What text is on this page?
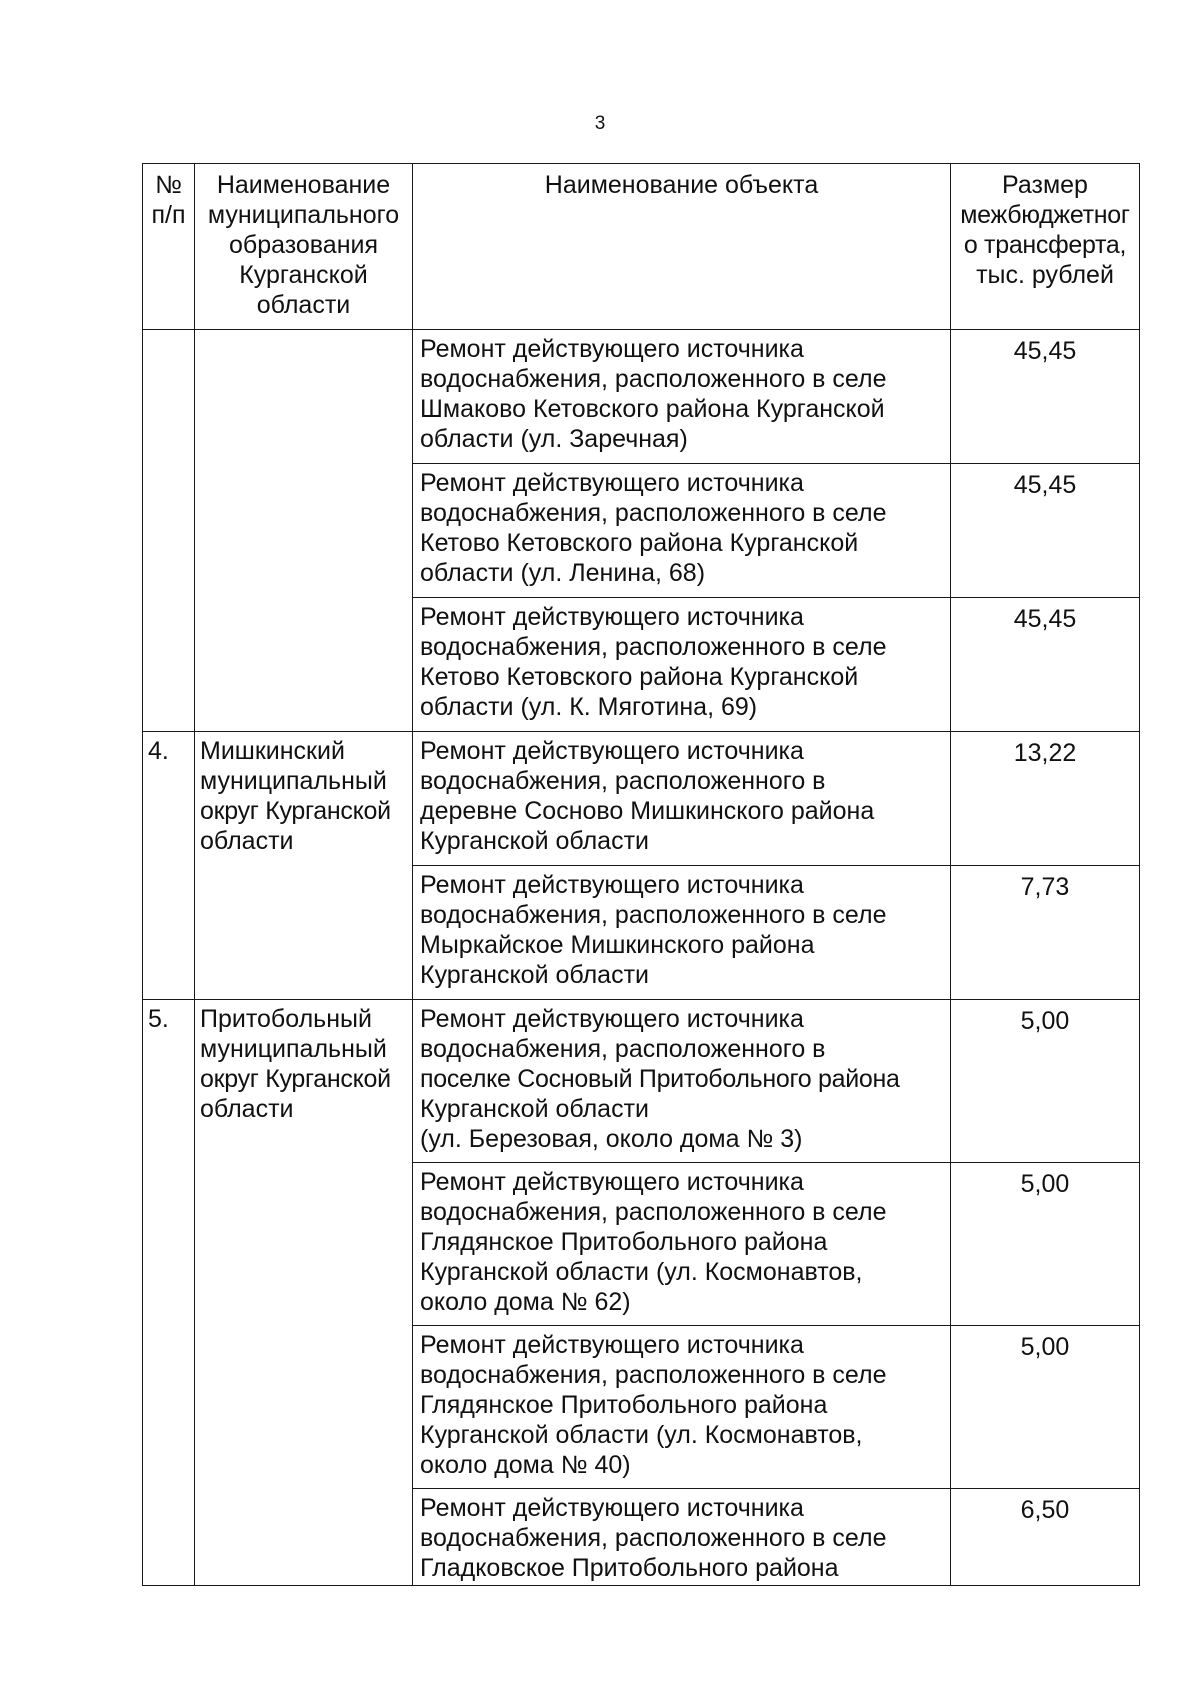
3
№
п/п	Наименование
муниципального
образования
Курганской
области	Наименование объекта	Размер
межбюджетног
о трансферта,
тыс. рублей

		Ремонт действующего источника
водоснабжения, расположенного в селе
Шмаково Кетовского района Курганской
области (ул. Заречная)	45,45

		Ремонт действующего источника
водоснабжения, расположенного в селе
Кетово Кетовского района Курганской
области (ул. Ленина, 68)	45,45

		Ремонт действующего источника
водоснабжения, расположенного в селе
Кетово Кетовского района Курганской
области (ул. К. Мяготина, 69)	45,45
4.	Мишкинский
муниципальный
округ Курганской
области	Ремонт действующего источника
водоснабжения, расположенного в
деревне Сосново Мишкинского района
Курганской области	13,22

		Ремонт действующего источника
водоснабжения, расположенного в селе
Мыркайское Мишкинского района
Курганской области	7,73
5.	Притобольный
муниципальный
округ Курганской
области	Ремонт действующего источника
водоснабжения, расположенного в
поселке Сосновый Притобольного района
Курганской области
(ул. Березовая, около дома № 3)	5,00

		Ремонт действующего источника
водоснабжения, расположенного в селе
Глядянское Притобольного района
Курганской области (ул. Космонавтов,
около дома № 62)	5,00

		Ремонт действующего источника
водоснабжения, расположенного в селе
Глядянское Притобольного района
Курганской области (ул. Космонавтов,
около дома № 40)	5,00

		Ремонт действующего источника
водоснабжения, расположенного в селе
Гладковское Притобольного района	6,50
